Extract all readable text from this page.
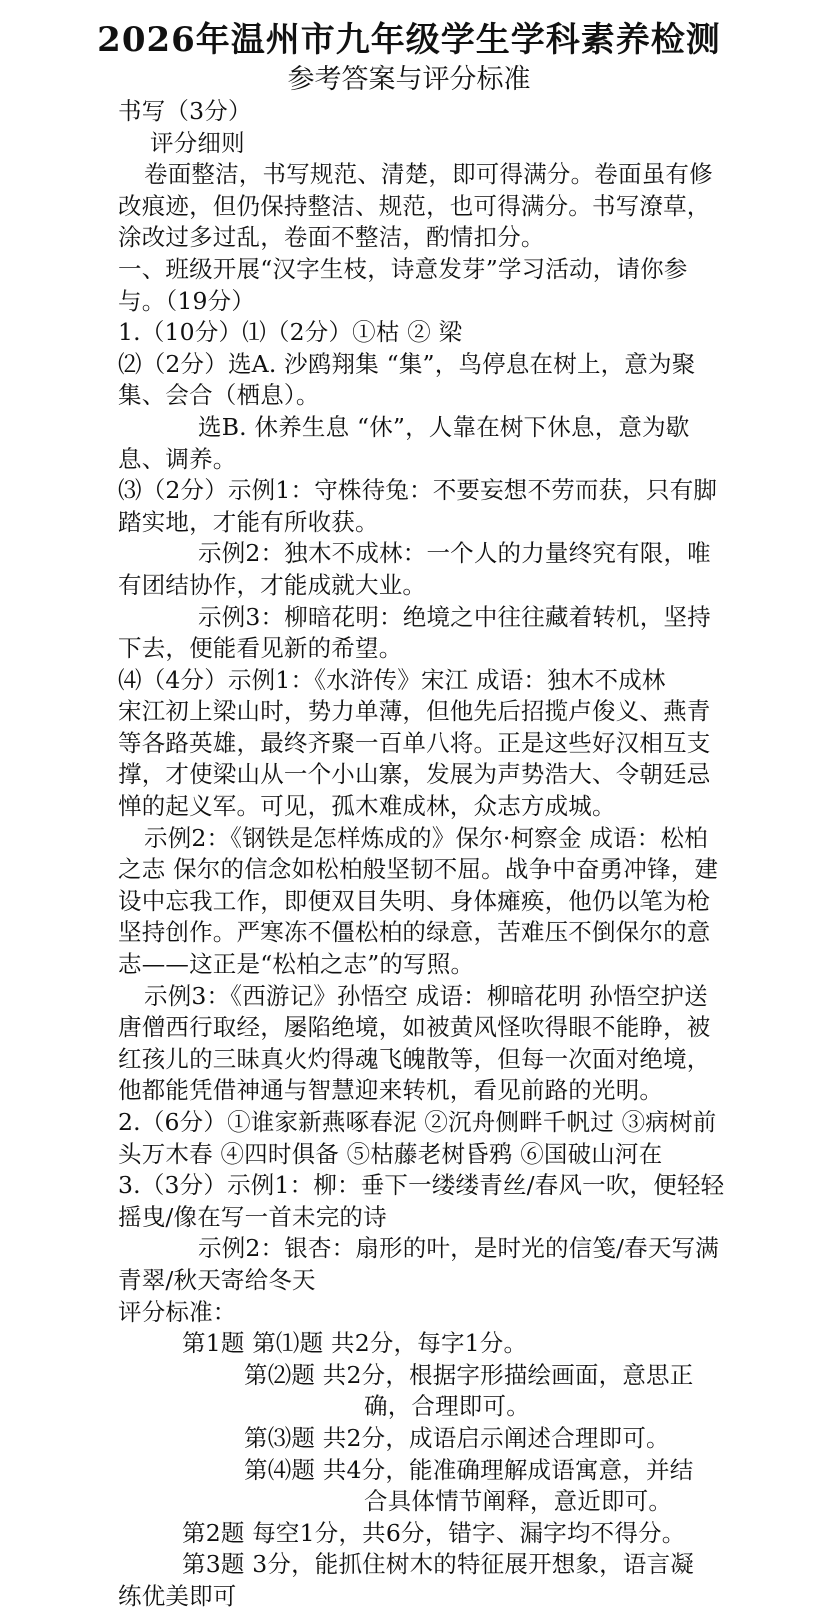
2026年温州市九年级学生学科素养检测
参考答案与评分标准

书写（3分）

评分细则

卷面整洁，书写规范、清楚，即可得满分。卷面虽有修改痕迹，但仍保持整洁、规范，也可得满分。书写潦草，涂改过多过乱，卷面不整洁，酌情扣分。

一、班级开展“汉字生枝，诗意发芽”学习活动，请你参与。（19分）

1.（10分）⑴（2分）①枯 ② 梁

⑵（2分）选A. 沙鸥翔集 “集”，鸟停息在树上，意为聚集、会合（栖息）。

选B. 休养生息 “休”，人靠在树下休息，意为歇息、调养。

⑶（2分）示例1：守株待兔：不要妄想不劳而获，只有脚踏实地，才能有所收获。

示例2：独木不成林：一个人的力量终究有限，唯有团结协作，才能成就大业。

示例3：柳暗花明：绝境之中往往藏着转机，坚持下去，便能看见新的希望。

⑷（4分）示例1：《水浒传》宋江 成语：独木不成林

宋江初上梁山时，势力单薄，但他先后招揽卢俊义、燕青等各路英雄，最终齐聚一百单八将。正是这些好汉相互支撑，才使梁山从一个小山寨，发展为声势浩大、令朝廷忌惮的起义军。可见，孤木难成林，众志方成城。

示例2：《钢铁是怎样炼成的》保尔·柯察金 成语：松柏之志 保尔的信念如松柏般坚韧不屈。战争中奋勇冲锋，建设中忘我工作，即便双目失明、身体瘫痪，他仍以笔为枪坚持创作。严寒冻不僵松柏的绿意，苦难压不倒保尔的意志——这正是“松柏之志”的写照。

示例3：《西游记》孙悟空 成语：柳暗花明 孙悟空护送唐僧西行取经，屡陷绝境，如被黄风怪吹得眼不能睁，被红孩儿的三昧真火灼得魂飞魄散等，但每一次面对绝境，他都能凭借神通与智慧迎来转机，看见前路的光明。

2.（6分）①谁家新燕啄春泥 ②沉舟侧畔千帆过 ③病树前头万木春 ④四时俱备 ⑤枯藤老树昏鸦 ⑥国破山河在

3.（3分）示例1：柳：垂下一缕缕青丝/春风一吹，便轻轻摇曳/像在写一首未完的诗

示例2：银杏：扇形的叶，是时光的信笺/春天写满青翠/秋天寄给冬天

评分标准：

第1题 第⑴题 共2分，每字1分。

第⑵题 共2分，根据字形描绘画面，意思正

确，合理即可。

第⑶题 共2分，成语启示阐述合理即可。

第⑷题 共4分，能准确理解成语寓意，并结

合具体情节阐释，意近即可。

第2题 每空1分，共6分，错字、漏字均不得分。

第3题 3分，能抓住树木的特征展开想象，语言凝

练优美即可
